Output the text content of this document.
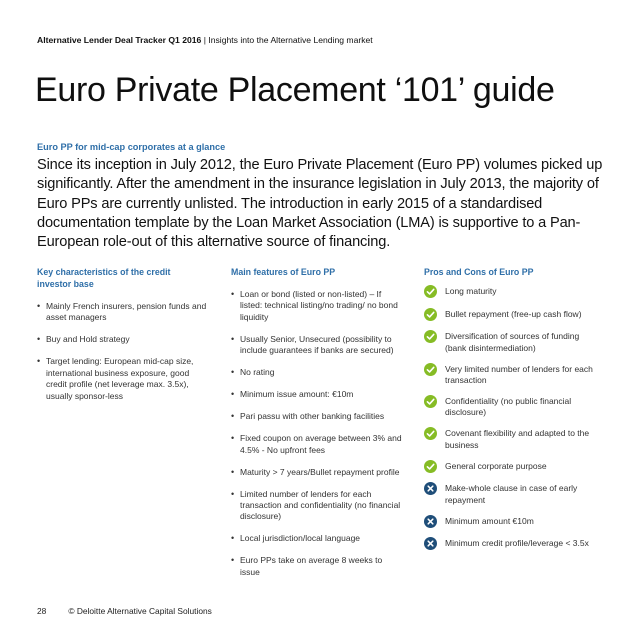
Alternative Lender Deal Tracker Q1 2016 | Insights into the Alternative Lending market
Euro Private Placement ‘101’ guide
Euro PP for mid-cap corporates at a glance

Since its inception in July 2012, the Euro Private Placement (Euro PP) volumes picked up significantly. After the amendment in the insurance legislation in July 2013, the majority of Euro PPs are currently unlisted. The introduction in early 2015 of a standardised documentation template by the Loan Market Association (LMA) is supportive to a Pan-European role-out of this alternative source of financing.

Key characteristics of the credit investor base
• Mainly French insurers, pension funds and asset managers
• Buy and Hold strategy
• Target lending: European mid-cap size, international business exposure, good credit profile (net leverage max. 3.5x), usually sponsor-less
Main features of Euro PP
• Loan or bond (listed or non-listed) – If listed: technical listing/no trading/ no bond liquidity
• Usually Senior, Unsecured (possibility to include guarantees if banks are secured)
• No rating
• Minimum issue amount: €10m
• Pari passu with other banking facilities
• Fixed coupon on average between 3% and 4.5% - No upfront fees
• Maturity > 7 years/Bullet repayment profile
• Limited number of lenders for each transaction and confidentiality (no financial disclosure)
• Local jurisdiction/local language
• Euro PPs take on average 8 weeks to issue
Pros and Cons of Euro PP
Long maturity
Bullet repayment (free-up cash flow)
Diversification of sources of funding (bank disintermediation)
Very limited number of lenders for each transaction
Confidentiality (no public financial disclosure)
Covenant flexibility and adapted to the business
General corporate purpose
Make-whole clause in case of early repayment
Minimum amount €10m
Minimum credit profile/leverage < 3.5x
28	© Deloitte Alternative Capital Solutions
